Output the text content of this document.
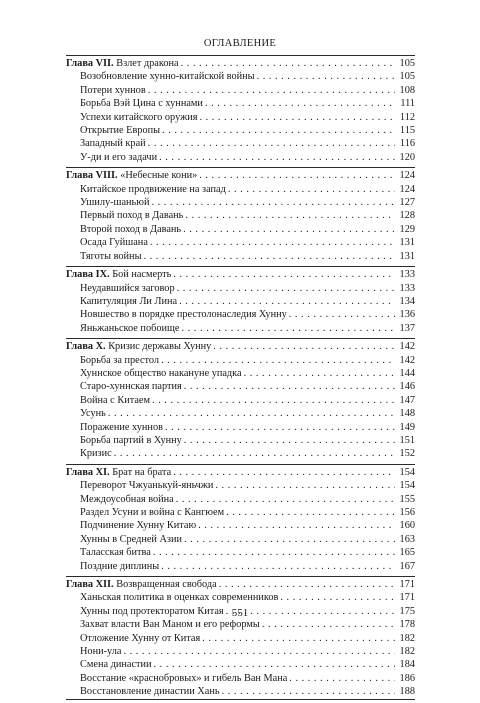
ОГЛАВЛЕНИЕ
Глава VII. Взлет дракона . . .	105
Возобновление хунно-китайской войны . . .	105
Потери хуннов . . .	108
Борьба Вэй Цина с хуннами . . .	111
Успехи китайского оружия . . .	112
Открытие Европы . . .	115
Западный край . . .	116
У-ди и его задачи . . .	120
Глава VIII. «Небесные кони» . . .	124
Китайское продвижение на запад . . .	124
Ушилу-шаньюй . . .	127
Первый поход в Давань . . .	128
Второй поход в Давань . . .	129
Осада Гуйшана . . .	131
Тяготы войны . . .	131
Глава IX. Бой насмерть . . .	133
Неудавшийся заговор . . .	133
Капитуляция Ли Лина . . .	134
Новшество в порядке престолонаследия Хунну . . .	136
Яньжаньское побоище . . .	137
Глава X. Кризис державы Хунну . . .	142
Борьба за престол . . .	142
Хуннское общество накануне упадка . . .	144
Старо-хуннская партия . . .	146
Война с Китаем . . .	147
Усунь . . .	148
Поражение хуннов . . .	149
Борьба партий в Хунну . . .	151
Кризис . . .	152
Глава XI. Брат на брата . . .	154
Переворот Чжуанькуй-яньчжи . . .	154
Междоусобная война . . .	155
Раздел Усуни и война с Кангюем . . .	156
Подчинение Хунну Китаю . . .	160
Хунны в Средней Азии . . .	163
Таласская битва . . .	165
Поздние диплины . . .	167
Глава XII. Возвращенная свобода . . .	171
Ханьская политика в оценках современников . . .	171
Хунны под протекторатом Китая . . .	175
Захват власти Ван Маном и его реформы . . .	178
Отложение Хунну от Китая . . .	182
Нони-ула . . .	182
Смена династии . . .	184
Восстание «краснобровых» и гибель Ван Мана . . .	186
Восстановление династии Хань . . .	188
551
